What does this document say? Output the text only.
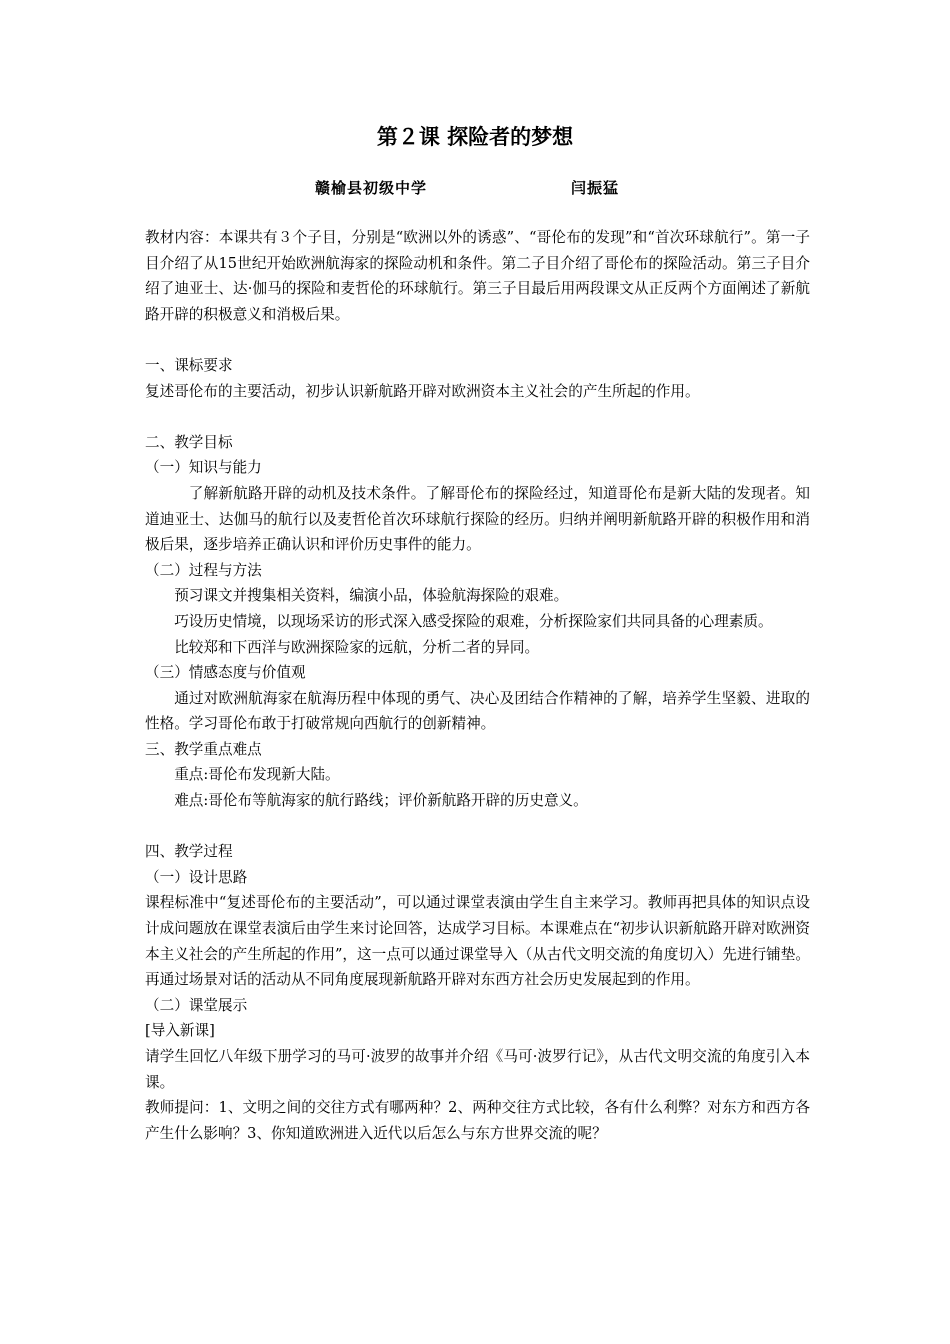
第２课 探险者的梦想
赣榆县初级中学	闫振猛

教材内容：本课共有３个子目，分别是“欧洲以外的诱惑”、“哥伦布的发现”和“首次环球航行”。第一子目介绍了从15世纪开始欧洲航海家的探险动机和条件。第二子目介绍了哥伦布的探险活动。第三子目介绍了迪亚士、达·伽马的探险和麦哲伦的环球航行。第三子目最后用两段课文从正反两个方面阐述了新航路开辟的积极意义和消极后果。

一、课标要求

复述哥伦布的主要活动，初步认识新航路开辟对欧洲资本主义社会的产生所起的作用。

二、教学目标

（一）知识与能力

了解新航路开辟的动机及技术条件。了解哥伦布的探险经过，知道哥伦布是新大陆的发现者。知道迪亚士、达伽马的航行以及麦哲伦首次环球航行探险的经历。归纳并阐明新航路开辟的积极作用和消极后果，逐步培养正确认识和评价历史事件的能力。

（二）过程与方法

预习课文并搜集相关资料，编演小品，体验航海探险的艰难。

巧设历史情境，以现场采访的形式深入感受探险的艰难，分析探险家们共同具备的心理素质。

比较郑和下西洋与欧洲探险家的远航，分析二者的异同。

（三）情感态度与价值观

通过对欧洲航海家在航海历程中体现的勇气、决心及团结合作精神的了解，培养学生坚毅、进取的性格。学习哥伦布敢于打破常规向西航行的创新精神。

三、教学重点难点

重点:哥伦布发现新大陆。

难点:哥伦布等航海家的航行路线；评价新航路开辟的历史意义。

四、教学过程

（一）设计思路

课程标准中“复述哥伦布的主要活动”，可以通过课堂表演由学生自主来学习。教师再把具体的知识点设计成问题放在课堂表演后由学生来讨论回答，达成学习目标。本课难点在“初步认识新航路开辟对欧洲资本主义社会的产生所起的作用”，这一点可以通过课堂导入（从古代文明交流的角度切入）先进行铺垫。再通过场景对话的活动从不同角度展现新航路开辟对东西方社会历史发展起到的作用。

（二）课堂展示

[导入新课]

请学生回忆八年级下册学习的马可·波罗的故事并介绍《马可·波罗行记》，从古代文明交流的角度引入本课。

教师提问：1、文明之间的交往方式有哪两种？2、两种交往方式比较，各有什么利弊？对东方和西方各产生什么影响？3、你知道欧洲进入近代以后怎么与东方世界交流的呢？
